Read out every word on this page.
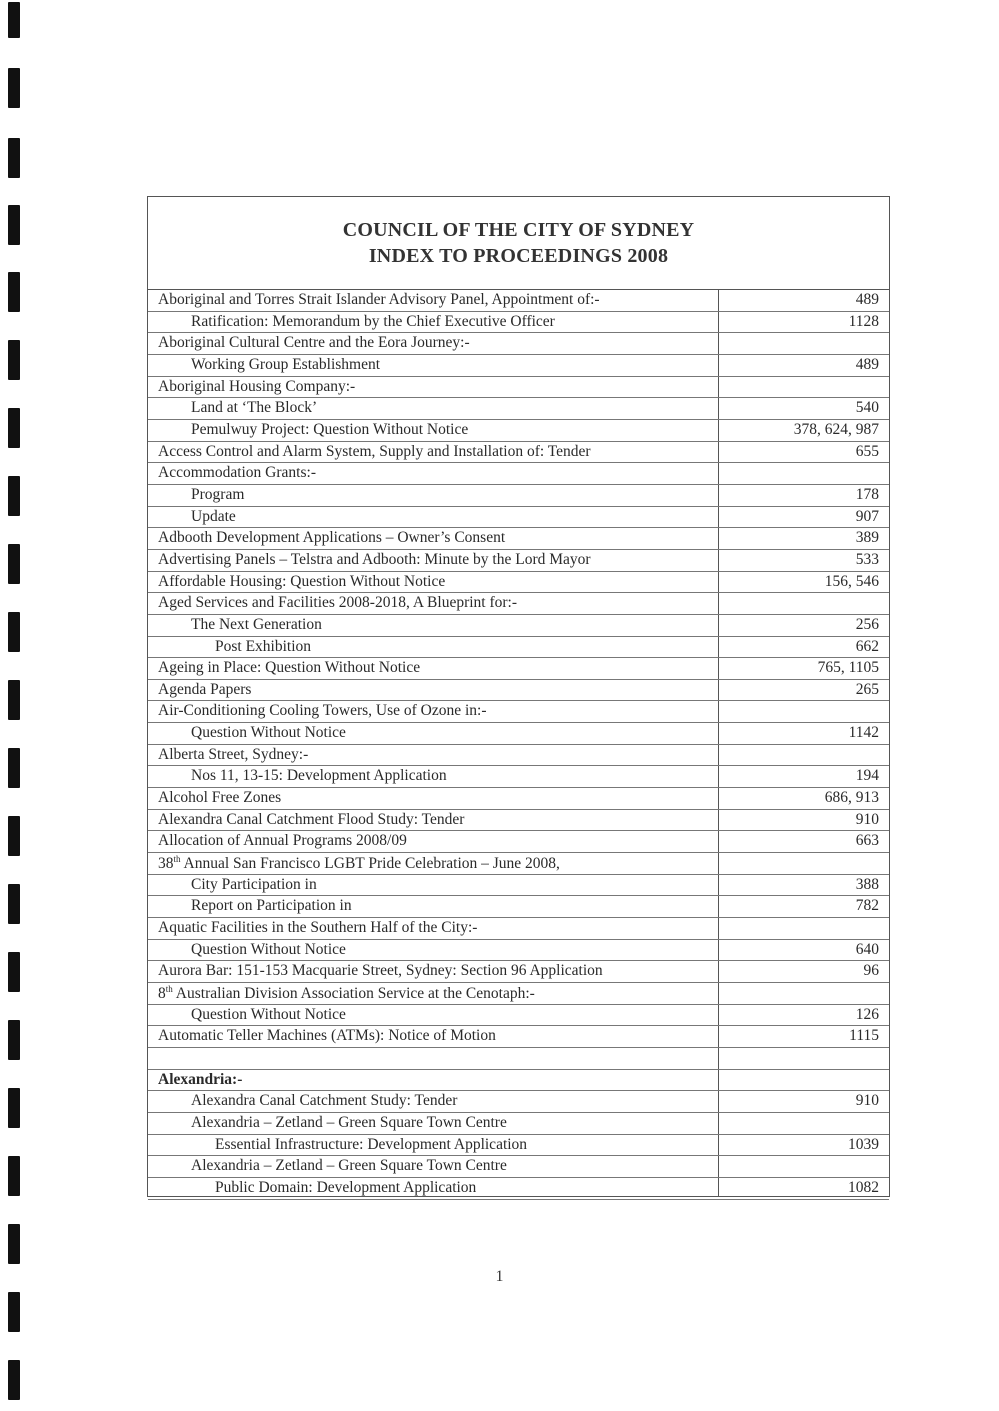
COUNCIL OF THE CITY OF SYDNEY
INDEX TO PROCEEDINGS 2008
Aboriginal and Torres Strait Islander Advisory Panel, Appointment of:-	489
Ratification: Memorandum by the Chief Executive Officer	1128
Aboriginal Cultural Centre and the Eora Journey:-
Working Group Establishment	489
Aboriginal Housing Company:-
Land at ‘The Block’	540
Pemulwuy Project: Question Without Notice	378, 624, 987
Access Control and Alarm System, Supply and Installation of: Tender	655
Accommodation Grants:-
Program	178
Update	907
Adbooth Development Applications – Owner’s Consent	389
Advertising Panels – Telstra and Adbooth: Minute by the Lord Mayor	533
Affordable Housing: Question Without Notice	156, 546
Aged Services and Facilities 2008-2018, A Blueprint for:-
The Next Generation	256
Post Exhibition	662
Ageing in Place: Question Without Notice	765, 1105
Agenda Papers	265
Air-Conditioning Cooling Towers, Use of Ozone in:-
Question Without Notice	1142
Alberta Street, Sydney:-
Nos 11, 13-15: Development Application	194
Alcohol Free Zones	686, 913
Alexandra Canal Catchment Flood Study: Tender	910
Allocation of Annual Programs 2008/09	663
38th Annual San Francisco LGBT Pride Celebration – June 2008,
City Participation in	388
Report on Participation in	782
Aquatic Facilities in the Southern Half of the City:-
Question Without Notice	640
Aurora Bar: 151-153 Macquarie Street, Sydney: Section 96 Application	96
8th Australian Division Association Service at the Cenotaph:-
Question Without Notice	126
Automatic Teller Machines (ATMs): Notice of Motion	1115
Alexandria:-
Alexandra Canal Catchment Study: Tender	910
Alexandria – Zetland – Green Square Town Centre
Essential Infrastructure: Development Application	1039
Alexandria – Zetland – Green Square Town Centre
Public Domain: Development Application	1082
1
